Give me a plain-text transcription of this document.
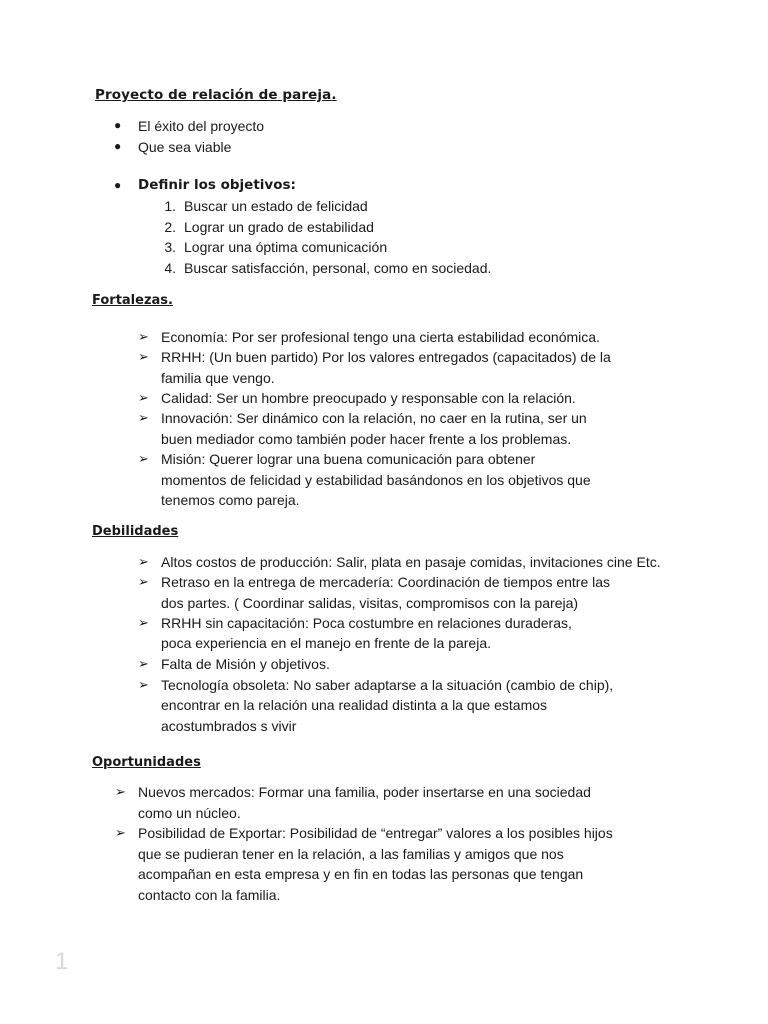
Proyecto de relación de pareja.
● El éxito del proyecto
● Que sea viable
● Definir los objetivos:
1. Buscar un estado de felicidad
2. Lograr un grado de estabilidad
3. Lograr una óptima comunicación
4. Buscar satisfacción, personal, como en sociedad.
Fortalezas.
➢ Economía: Por ser profesional tengo una cierta estabilidad económica.
➢ RRHH: (Un buen partido) Por los valores entregados (capacitados) de la
familia que vengo.
➢ Calidad: Ser un hombre preocupado y responsable con la relación.
➢ Innovación: Ser dinámico con la relación, no caer en la rutina, ser un
buen mediador como también poder hacer frente a los problemas.
➢ Misión: Querer lograr una buena comunicación para obtener
momentos de felicidad y estabilidad basándonos en los objetivos que
tenemos como pareja.
Debilidades
➢ Altos costos de producción: Salir, plata en pasaje comidas, invitaciones cine Etc.
➢ Retraso en la entrega de mercadería: Coordinación de tiempos entre las
dos partes. ( Coordinar salidas, visitas, compromisos con la pareja)
➢ RRHH sin capacitación: Poca costumbre en relaciones duraderas,
poca experiencia en el manejo en frente de la pareja.
➢ Falta de Misión y objetivos.
➢ Tecnología obsoleta: No saber adaptarse a la situación (cambio de chip),
encontrar en la relación una realidad distinta a la que estamos
acostumbrados s vivir
Oportunidades
➢ Nuevos mercados: Formar una familia, poder insertarse en una sociedad
como un núcleo.
➢ Posibilidad de Exportar: Posibilidad de “entregar” valores a los posibles hijos
que se pudieran tener en la relación, a las familias y amigos que nos
acompañan en esta empresa y en fin en todas las personas que tengan
contacto con la familia.
1
